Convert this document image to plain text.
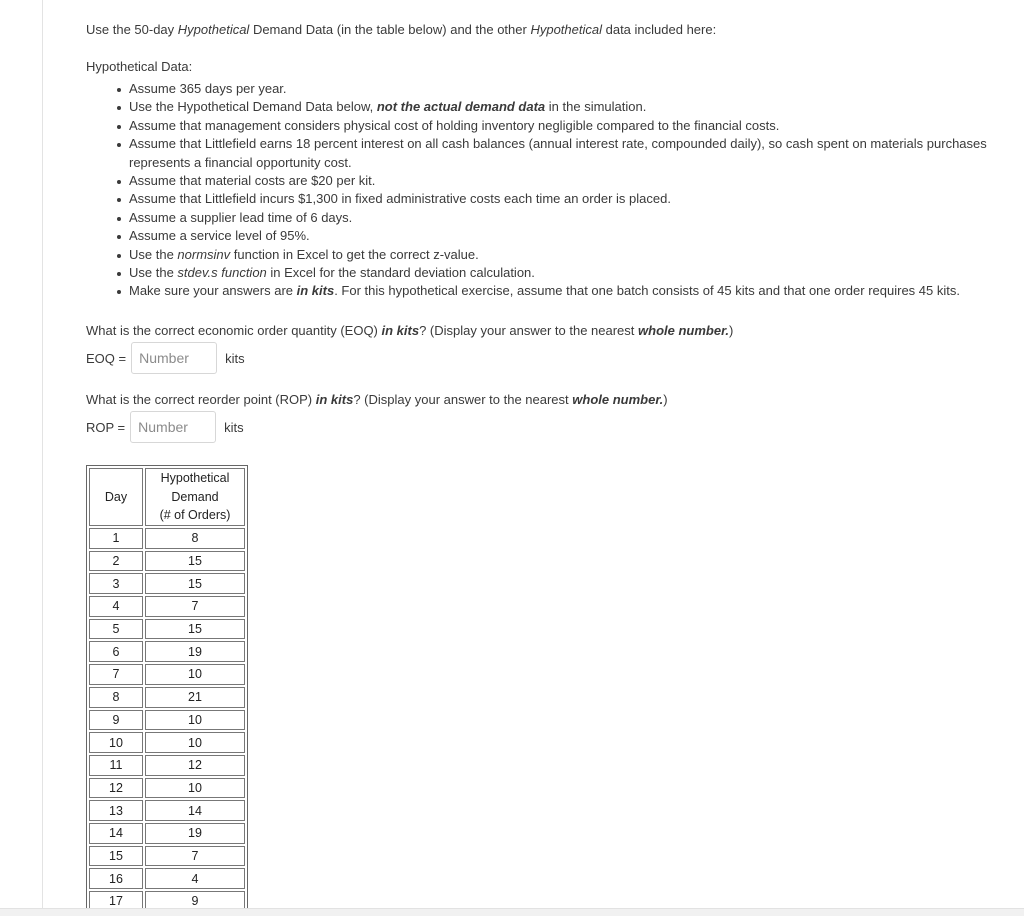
Use the 50-day Hypothetical Demand Data (in the table below) and the other Hypothetical data included here:
Hypothetical Data:
Assume 365 days per year.
Use the Hypothetical Demand Data below, not the actual demand data in the simulation.
Assume that management considers physical cost of holding inventory negligible compared to the financial costs.
Assume that Littlefield earns 18 percent interest on all cash balances (annual interest rate, compounded daily), so cash spent on materials purchases represents a financial opportunity cost.
Assume that material costs are $20 per kit.
Assume that Littlefield incurs $1,300 in fixed administrative costs each time an order is placed.
Assume a supplier lead time of 6 days.
Assume a service level of 95%.
Use the normsinv function in Excel to get the correct z-value.
Use the stdev.s function in Excel for the standard deviation calculation.
Make sure your answers are in kits. For this hypothetical exercise, assume that one batch consists of 45 kits and that one order requires 45 kits.
What is the correct economic order quantity (EOQ) in kits? (Display your answer to the nearest whole number.)
EOQ =
Number	kits
What is the correct reorder point (ROP) in kits? (Display your answer to the nearest whole number.)
ROP =
Number	kits
Day	Hypothetical
Demand
(# of Orders)
1	8
2	15
3	15
4	7
5	15
6	19
7	10
8	21
9	10
10	10
11	12
12	10
13	14
14	19
15	7
16	4
17	9
